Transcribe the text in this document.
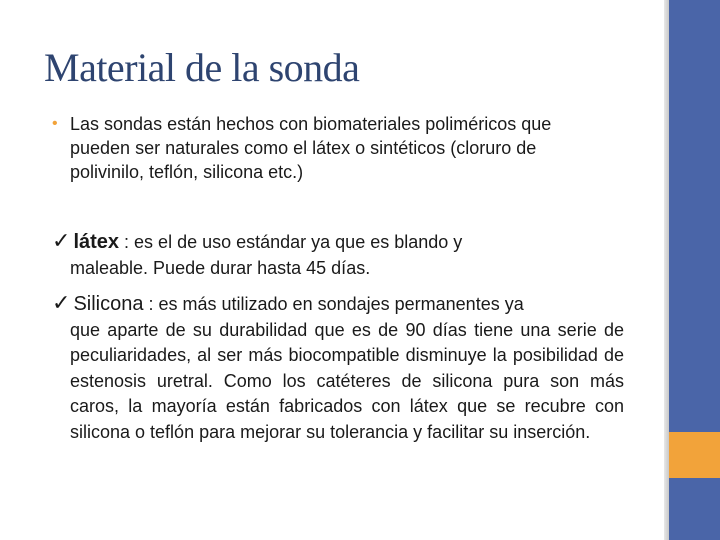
Material de la sonda
• Las sondas están hechos con biomateriales poliméricos que pueden ser naturales como el látex o sintéticos (cloruro de polivinilo, teflón, silicona etc.)
✓ látex : es el de uso estándar ya que es blando y
maleable. Puede durar hasta 45 días.
✓ Silicona : es más utilizado en sondajes permanentes ya
que aparte de su durabilidad que es de 90 días tiene una serie de peculiaridades, al ser más biocompatible disminuye la posibilidad de estenosis uretral. Como los catéteres de silicona pura son más caros, la mayoría están fabricados con látex que se recubre con silicona o teflón para mejorar su tolerancia y facilitar su inserción.
